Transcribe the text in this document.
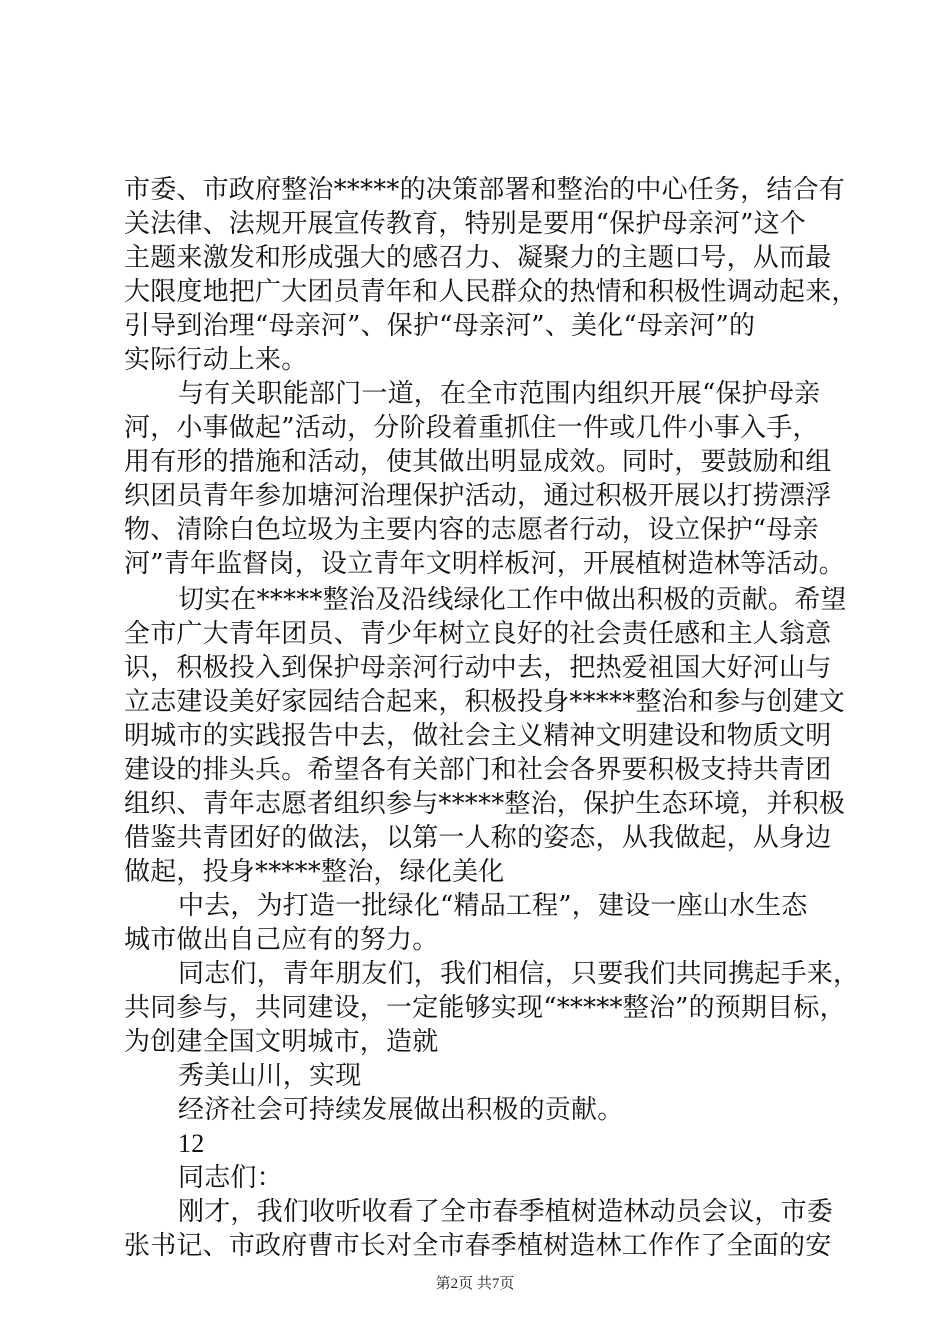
市委、市政府整治*****的决策部署和整治的中心任务，结合有
关法律、法规开展宣传教育，特别是要用“保护母亲河”这个
主题来激发和形成强大的感召力、凝聚力的主题口号，从而最
大限度地把广大团员青年和人民群众的热情和积极性调动起来，
引导到治理“母亲河”、保护“母亲河”、美化“母亲河”的
实际行动上来。
与有关职能部门一道，在全市范围内组织开展“保护母亲
河，小事做起”活动，分阶段着重抓住一件或几件小事入手，
用有形的措施和活动，使其做出明显成效。同时，要鼓励和组
织团员青年参加塘河治理保护活动，通过积极开展以打捞漂浮
物、清除白色垃圾为主要内容的志愿者行动，设立保护“母亲
河”青年监督岗，设立青年文明样板河，开展植树造林等活动。
切实在*****整治及沿线绿化工作中做出积极的贡献。希望
全市广大青年团员、青少年树立良好的社会责任感和主人翁意
识，积极投入到保护母亲河行动中去，把热爱祖国大好河山与
立志建设美好家园结合起来，积极投身*****整治和参与创建文
明城市的实践报告中去，做社会主义精神文明建设和物质文明
建设的排头兵。希望各有关部门和社会各界要积极支持共青团
组织、青年志愿者组织参与*****整治，保护生态环境，并积极
借鉴共青团好的做法，以第一人称的姿态，从我做起，从身边
做起，投身*****整治，绿化美化
中去，为打造一批绿化“精品工程”，建设一座山水生态
城市做出自己应有的努力。
同志们，青年朋友们，我们相信，只要我们共同携起手来，
共同参与，共同建设，一定能够实现“*****整治”的预期目标，
为创建全国文明城市，造就
秀美山川，实现
经济社会可持续发展做出积极的贡献。
12
同志们：
刚才，我们收听收看了全市春季植树造林动员会议，市委
张书记、市政府曹市长对全市春季植树造林工作作了全面的安
第2页 共7页
